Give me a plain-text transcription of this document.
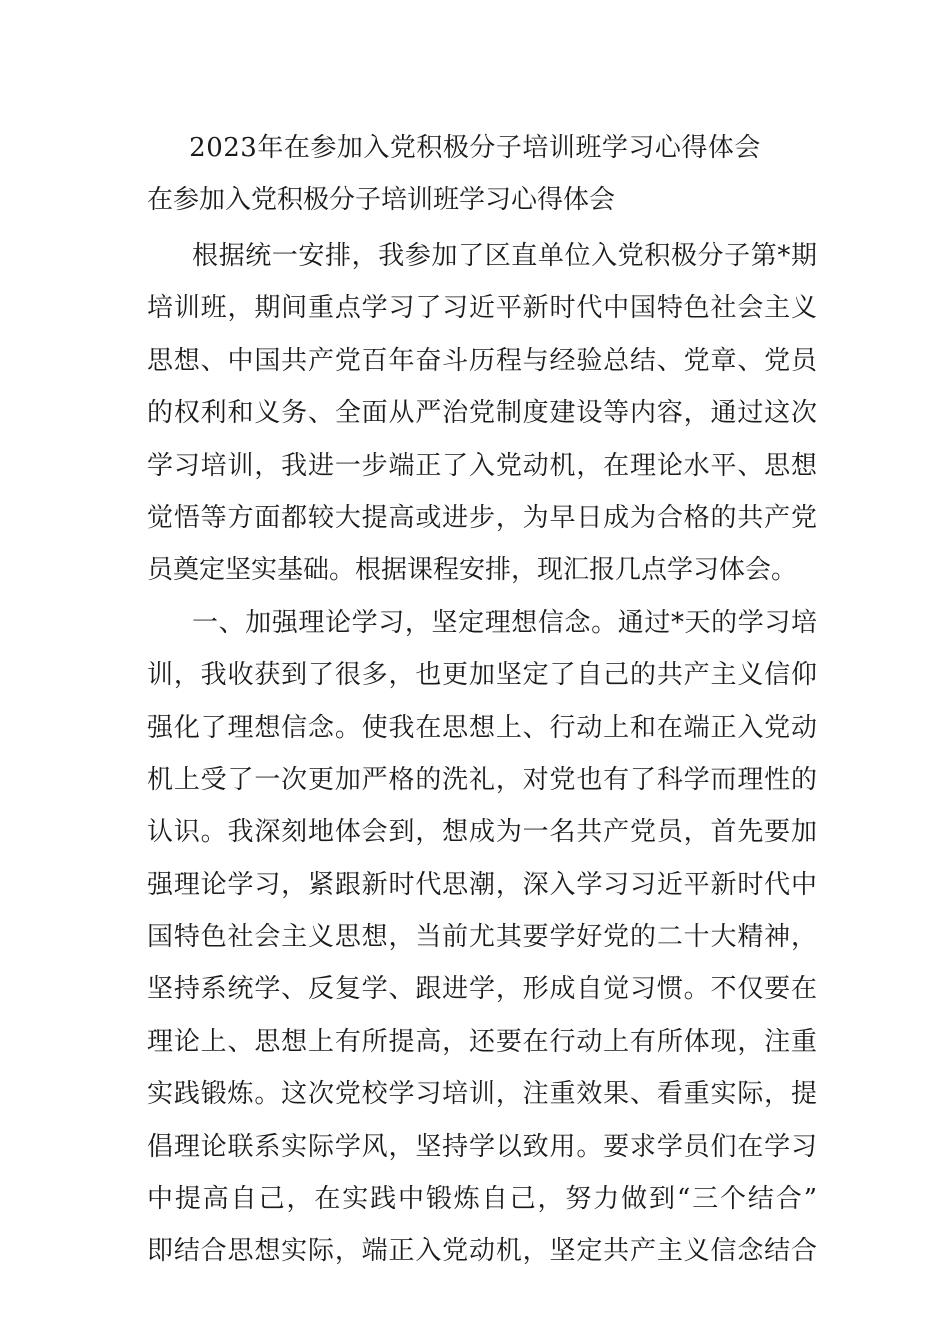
2023年在参加入党积极分子培训班学习心得体会
在参加入党积极分子培训班学习心得体会
根据统一安排，我参加了区直单位入党积极分子第*期
培训班，期间重点学习了习近平新时代中国特色社会主义
思想、中国共产党百年奋斗历程与经验总结、党章、党员
的权利和义务、全面从严治党制度建设等内容，通过这次
学习培训，我进一步端正了入党动机，在理论水平、思想
觉悟等方面都较大提高或进步，为早日成为合格的共产党
员奠定坚实基础。根据课程安排，现汇报几点学习体会。
一、加强理论学习，坚定理想信念。通过*天的学习培
训，我收获到了很多，也更加坚定了自己的共产主义信仰
强化了理想信念。使我在思想上、行动上和在端正入党动
机上受了一次更加严格的洗礼，对党也有了科学而理性的
认识。我深刻地体会到，想成为一名共产党员，首先要加
强理论学习，紧跟新时代思潮，深入学习习近平新时代中
国特色社会主义思想，当前尤其要学好党的二十大精神，
坚持系统学、反复学、跟进学，形成自觉习惯。不仅要在
理论上、思想上有所提高，还要在行动上有所体现，注重
实践锻炼。这次党校学习培训，注重效果、看重实际，提
倡理论联系实际学风，坚持学以致用。要求学员们在学习
中提高自己，在实践中锻炼自己，努力做到“三个结合”
即结合思想实际，端正入党动机，坚定共产主义信念结合
